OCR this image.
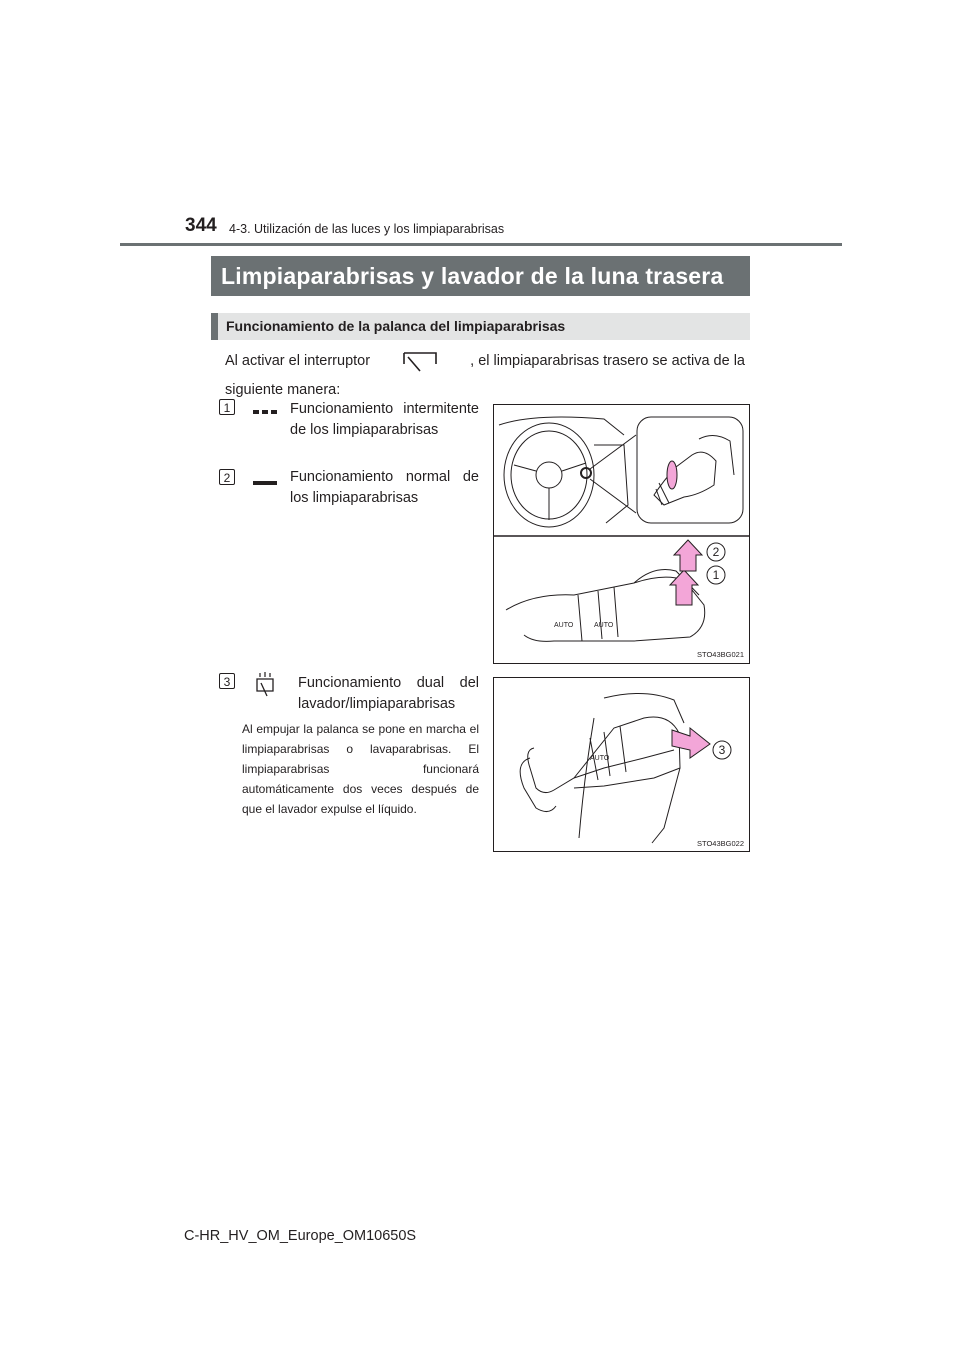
344 4-3. Utilización de las luces y los limpiaparabrisas
Limpiaparabrisas y lavador de la luna trasera
Funcionamiento de la palanca del limpiaparabrisas
Al activar el interruptor	, el limpiaparabrisas trasero se activa de la
siguiente manera:
1	Funcionamiento intermitente de los limpiaparabrisas
2	Funcionamiento normal de los limpiaparabrisas
AUTO
AUTO
2
1
STO43BG021
3	Funcionamiento dual del lavador/limpiaparabrisas
Al empujar la palanca se pone en marcha el limpiaparabrisas o lavaparabrisas. El limpiaparabrisas funcionará automáticamente dos veces después de que el lavador expulse el líquido.
3
AUTO
STO43BG022
C-HR_HV_OM_Europe_OM10650S
